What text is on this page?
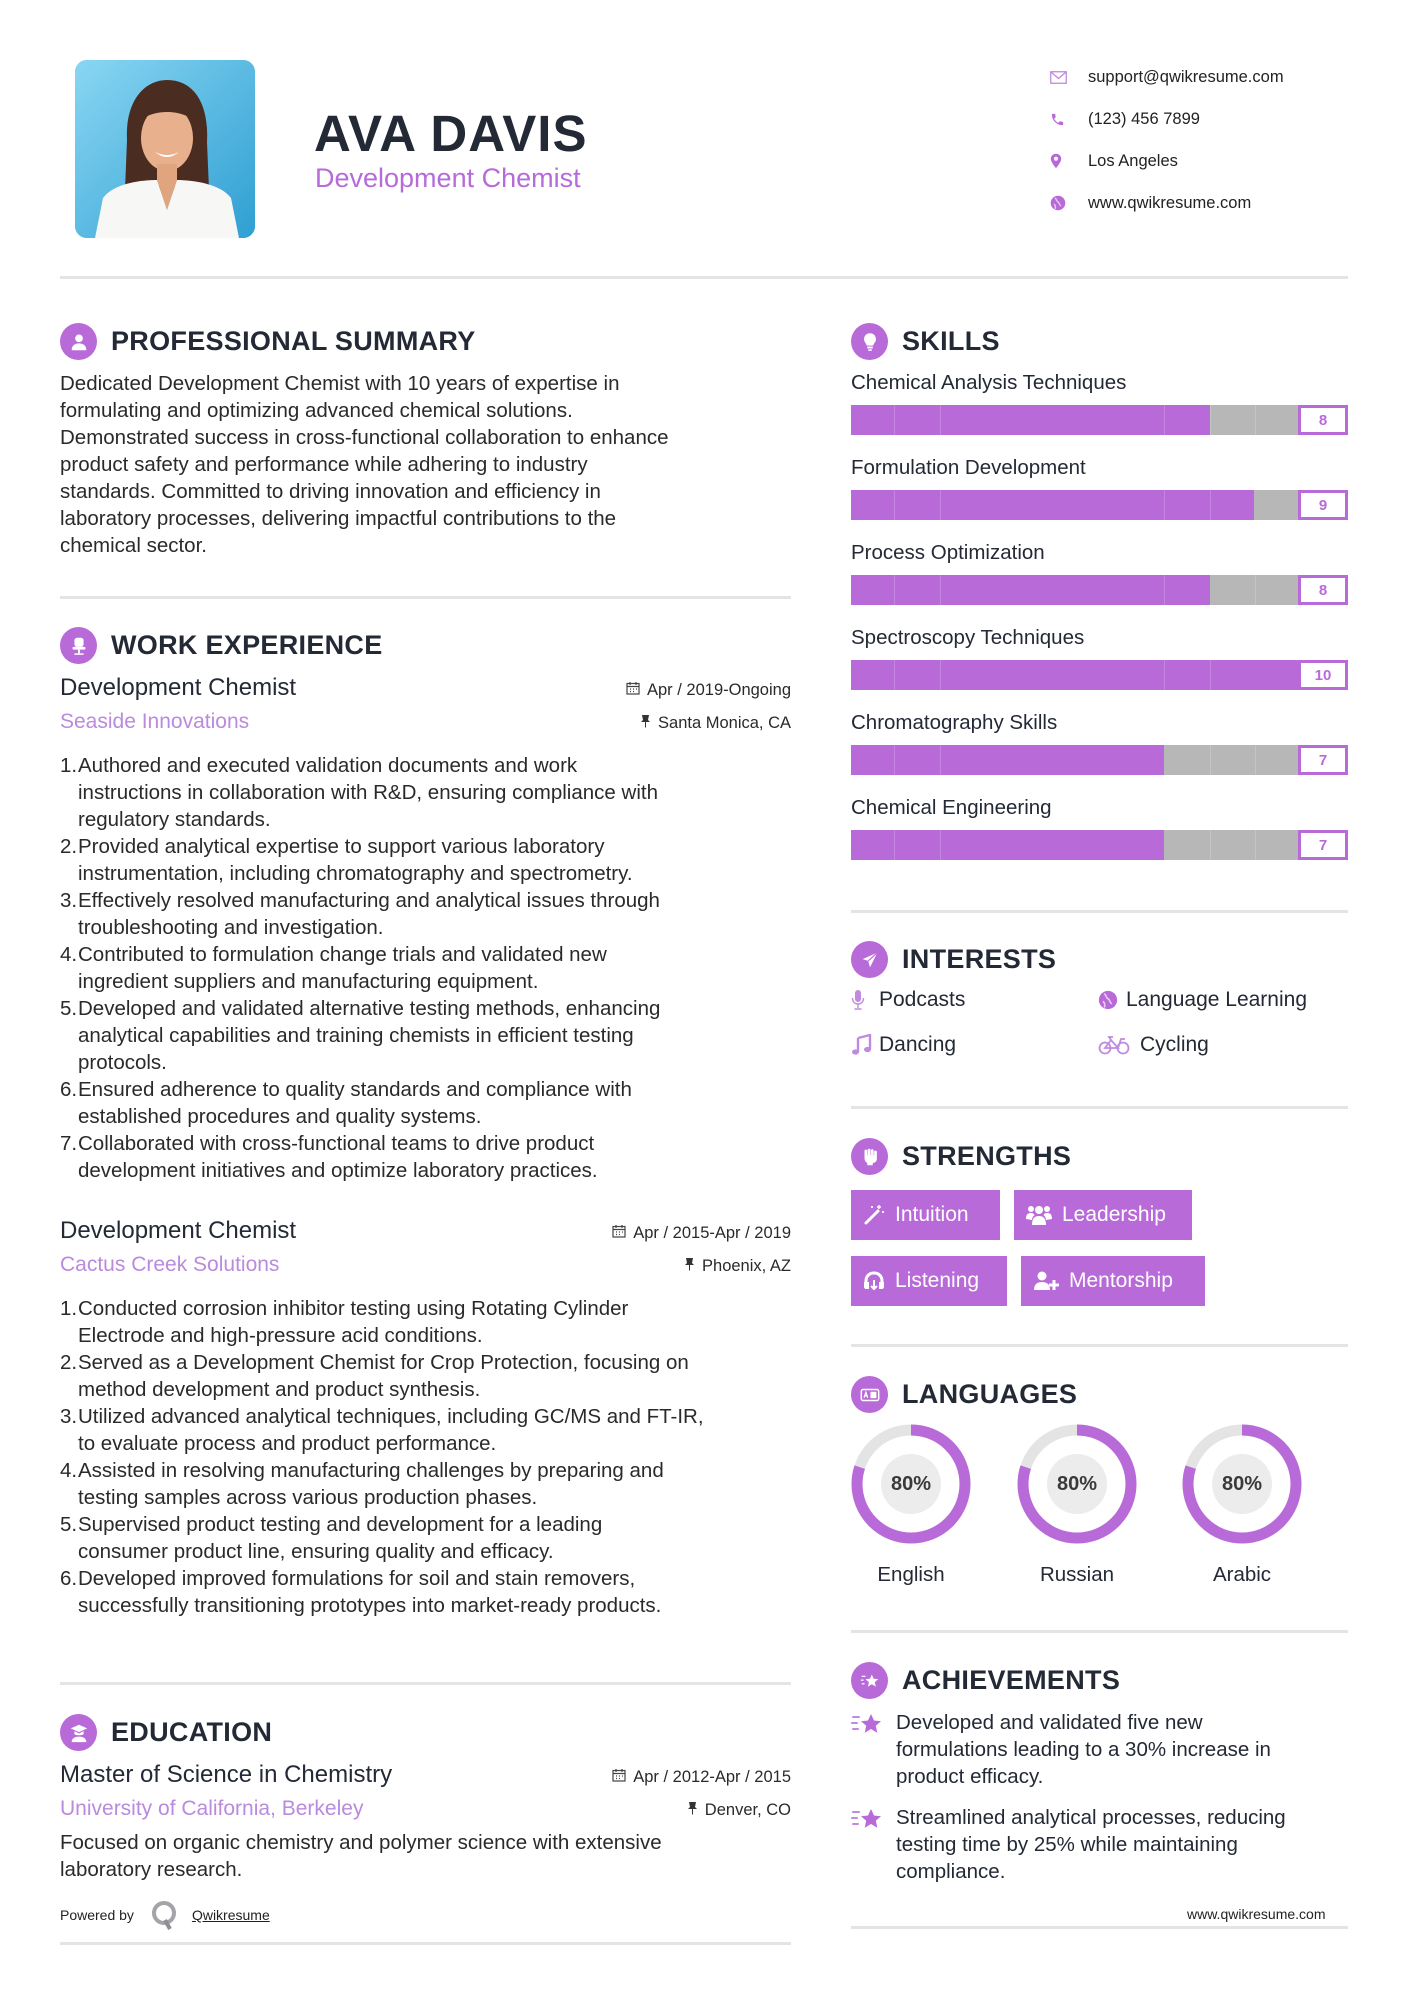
AVA DAVIS
Development Chemist
support@qwikresume.com
(123) 456 7899
Los Angeles
www.qwikresume.com
PROFESSIONAL SUMMARY
Dedicated Development Chemist with 10 years of expertise in
formulating and optimizing advanced chemical solutions.
Demonstrated success in cross-functional collaboration to enhance
product safety and performance while adhering to industry
standards. Committed to driving innovation and efficiency in
laboratory processes, delivering impactful contributions to the
chemical sector.
WORK EXPERIENCE
Development Chemist	Apr / 2019-Ongoing
Seaside Innovations	Santa Monica, CA
1. Authored and executed validation documents and work
instructions in collaboration with R&D, ensuring compliance with
regulatory standards.
2. Provided analytical expertise to support various laboratory
instrumentation, including chromatography and spectrometry.
3. Effectively resolved manufacturing and analytical issues through
troubleshooting and investigation.
4. Contributed to formulation change trials and validated new
ingredient suppliers and manufacturing equipment.
5. Developed and validated alternative testing methods, enhancing
analytical capabilities and training chemists in efficient testing
protocols.
6. Ensured adherence to quality standards and compliance with
established procedures and quality systems.
7. Collaborated with cross-functional teams to drive product
development initiatives and optimize laboratory practices.
Development Chemist	Apr / 2015-Apr / 2019
Cactus Creek Solutions	Phoenix, AZ
1. Conducted corrosion inhibitor testing using Rotating Cylinder
Electrode and high-pressure acid conditions.
2. Served as a Development Chemist for Crop Protection, focusing on
method development and product synthesis.
3. Utilized advanced analytical techniques, including GC/MS and FT-IR,
to evaluate process and product performance.
4. Assisted in resolving manufacturing challenges by preparing and
testing samples across various production phases.
5. Supervised product testing and development for a leading
consumer product line, ensuring quality and efficacy.
6. Developed improved formulations for soil and stain removers,
successfully transitioning prototypes into market-ready products.
EDUCATION
Master of Science in Chemistry	Apr / 2012-Apr / 2015
University of California, Berkeley	Denver, CO
Focused on organic chemistry and polymer science with extensive
laboratory research.
Powered by	Qwikresume
SKILLS
Chemical Analysis Techniques
8
Formulation Development
9
Process Optimization
8
Spectroscopy Techniques
10
Chromatography Skills
7
Chemical Engineering
7
INTERESTS
Podcasts	Language Learning
Dancing	Cycling
STRENGTHS
Intuition	Leadership
Listening	Mentorship
LANGUAGES
80%
English
80%
Russian
80%
Arabic
ACHIEVEMENTS
Developed and validated five new
formulations leading to a 30% increase in
product efficacy.
Streamlined analytical processes, reducing
testing time by 25% while maintaining
compliance.
www.qwikresume.com
